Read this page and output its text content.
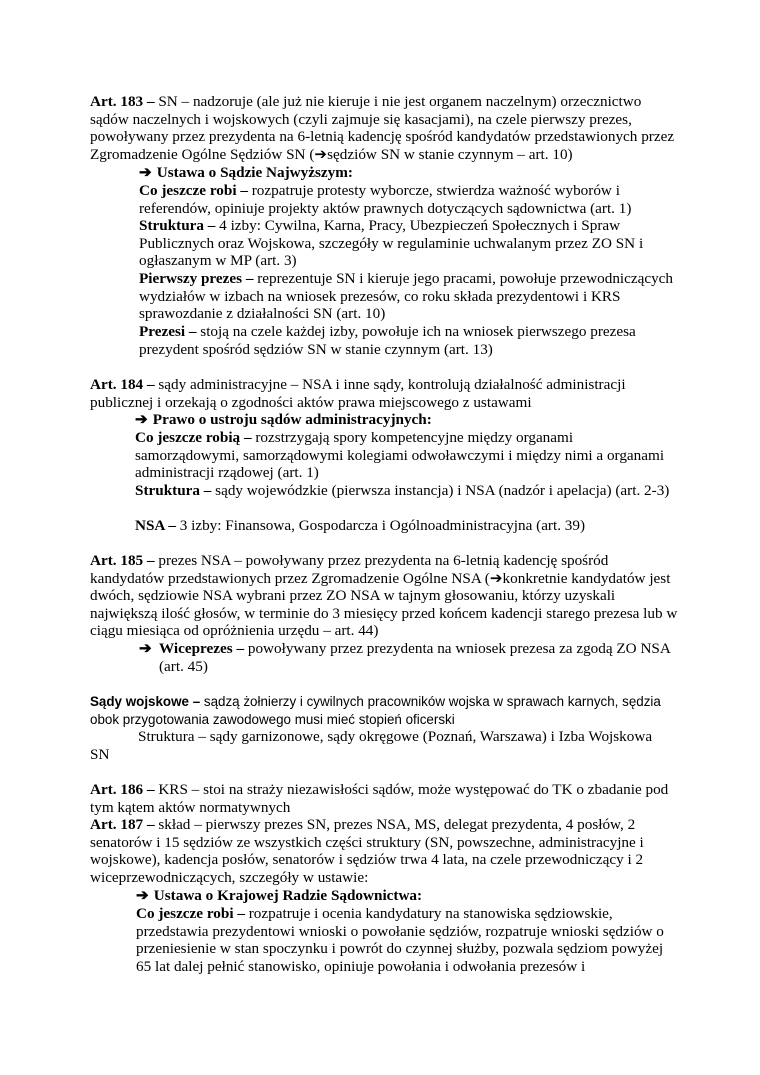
Art. 183 – SN – nadzoruje (ale już nie kieruje i nie jest organem naczelnym) orzecznictwo sądów naczelnych i wojskowych (czyli zajmuje się kasacjami), na czele pierwszy prezes, powoływany przez prezydenta na 6-letnią kadencję spośród kandydatów przedstawionych przez Zgromadzenie Ogólne Sędziów SN (➔sędziów SN w stanie czynnym – art. 10)

➔ Ustawa o Sądzie Najwyższym:

Co jeszcze robi – rozpatruje protesty wyborcze, stwierdza ważność wyborów i referendów, opiniuje projekty aktów prawnych dotyczących sądownictwa (art. 1)

Struktura – 4 izby: Cywilna, Karna, Pracy, Ubezpieczeń Społecznych i Spraw Publicznych oraz Wojskowa, szczegóły w regulaminie uchwalanym przez ZO SN i ogłaszanym w MP (art. 3)

Pierwszy prezes – reprezentuje SN i kieruje jego pracami, powołuje przewodniczących wydziałów w izbach na wniosek prezesów, co roku składa prezydentowi i KRS sprawozdanie z działalności SN (art. 10)

Prezesi – stoją na czele każdej izby, powołuje ich na wniosek pierwszego prezesa prezydent spośród sędziów SN w stanie czynnym (art. 13)

Art. 184 – sądy administracyjne – NSA i inne sądy, kontrolują działalność administracji publicznej i orzekają o zgodności aktów prawa miejscowego z ustawami

➔ Prawo o ustroju sądów administracyjnych:

Co jeszcze robią – rozstrzygają spory kompetencyjne między organami samorządowymi, samorządowymi kolegiami odwoławczymi i między nimi a organami administracji rządowej (art. 1)

Struktura – sądy wojewódzkie (pierwsza instancja) i NSA (nadzór i apelacja) (art. 2-3)

NSA – 3 izby: Finansowa, Gospodarcza i Ogólnoadministracyjna (art. 39)

Art. 185 – prezes NSA – powoływany przez prezydenta na 6-letnią kadencję spośród kandydatów przedstawionych przez Zgromadzenie Ogólne NSA (➔konkretnie kandydatów jest dwóch, sędziowie NSA wybrani przez ZO NSA w tajnym głosowaniu, którzy uzyskali największą ilość głosów, w terminie do 3 miesięcy przed końcem kadencji starego prezesa lub w ciągu miesiąca od opróżnienia urzędu – art. 44)

➔ Wiceprezes – powoływany przez prezydenta na wniosek prezesa za zgodą ZO NSA (art. 45)

Sądy wojskowe – sądzą żołnierzy i cywilnych pracowników wojska w sprawach karnych, sędzia obok przygotowania zawodowego musi mieć stopień oficerski

Struktura – sądy garnizonowe, sądy okręgowe (Poznań, Warszawa) i Izba Wojskowa

SN

Art. 186 – KRS – stoi na straży niezawisłości sądów, może występować do TK o zbadanie pod tym kątem aktów normatywnych

Art. 187 – skład – pierwszy prezes SN, prezes NSA, MS, delegat prezydenta, 4 posłów, 2 senatorów i 15 sędziów ze wszystkich części struktury (SN, powszechne, administracyjne i wojskowe), kadencja posłów, senatorów i sędziów trwa 4 lata, na czele przewodniczący i 2 wiceprzewodniczących, szczegóły w ustawie:

➔ Ustawa o Krajowej Radzie Sądownictwa:

Co jeszcze robi – rozpatruje i ocenia kandydatury na stanowiska sędziowskie, przedstawia prezydentowi wnioski o powołanie sędziów, rozpatruje wnioski sędziów o przeniesienie w stan spoczynku i powrót do czynnej służby, pozwala sędziom powyżej 65 lat dalej pełnić stanowisko, opiniuje powołania i odwołania prezesów i
